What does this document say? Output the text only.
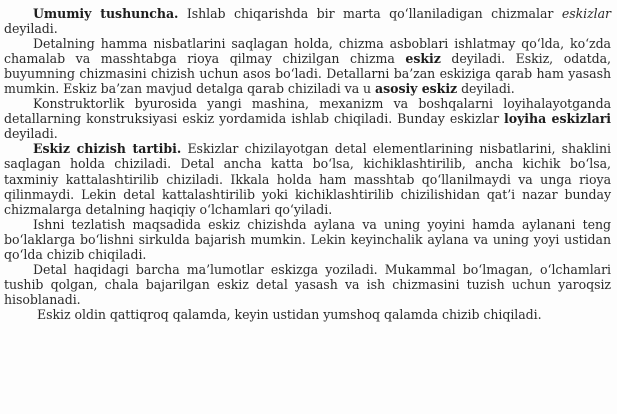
Umumiy tushuncha. Ishlab chiqarishda bir marta qo‘llaniladigan chizmalar eskizlar deyiladi.

Detalning hamma nisbatlarini saqlagan holda, chizma asboblari ishlatmay qo‘lda, ko‘zda chamalab va masshtabga rioya qilmay chizilgan chizma eskiz deyiladi. Eskiz, odatda, buyumning chizmasini chizish uchun asos bo‘ladi. Detallarni ba’zan eskiziga qarab ham yasash mumkin. Eskiz ba’zan mavjud detalga qarab chiziladi va u asosiy eskiz deyiladi.

Konstruktorlik byurosida yangi mashina, mexanizm va boshqalarni loyihalayotganda detallarning konstruksiyasi eskiz yordamida ishlab chiqiladi. Bunday eskizlar loyiha eskizlari deyiladi.

Eskiz chizish tartibi. Eskizlar chizilayotgan detal elementlarining nisbatlarini, shaklini saqlagan holda chiziladi. Detal ancha katta bo‘lsa, kichiklashtirilib, ancha kichik bo‘lsa, taxminiy kattalashtirilib chiziladi. Ikkala holda ham masshtab qo‘llanilmaydi va unga rioya qilinmaydi. Lekin detal kattalashtirilib yoki kichiklashtirilib chizilishidan qat’i nazar bunday chizmalarga detalning haqiqiy o‘lchamlari qo‘yiladi.

Ishni tezlatish maqsadida eskiz chizishda aylana va uning yoyini hamda aylanani teng bo‘laklarga bo‘lishni sirkulda bajarish mumkin. Lekin keyinchalik aylana va uning yoyi ustidan qo‘lda chizib chiqiladi.

Detal haqidagi barcha ma’lumotlar eskizga yoziladi. Mukammal bo‘lmagan, o‘lchamlari tushib qolgan, chala bajarilgan eskiz detal yasash va ish chizmasini tuzish uchun yaroqsiz hisoblanadi.

Eskiz oldin qattiqroq qalamda, keyin ustidan yumshoq qalamda chizib chiqiladi.
